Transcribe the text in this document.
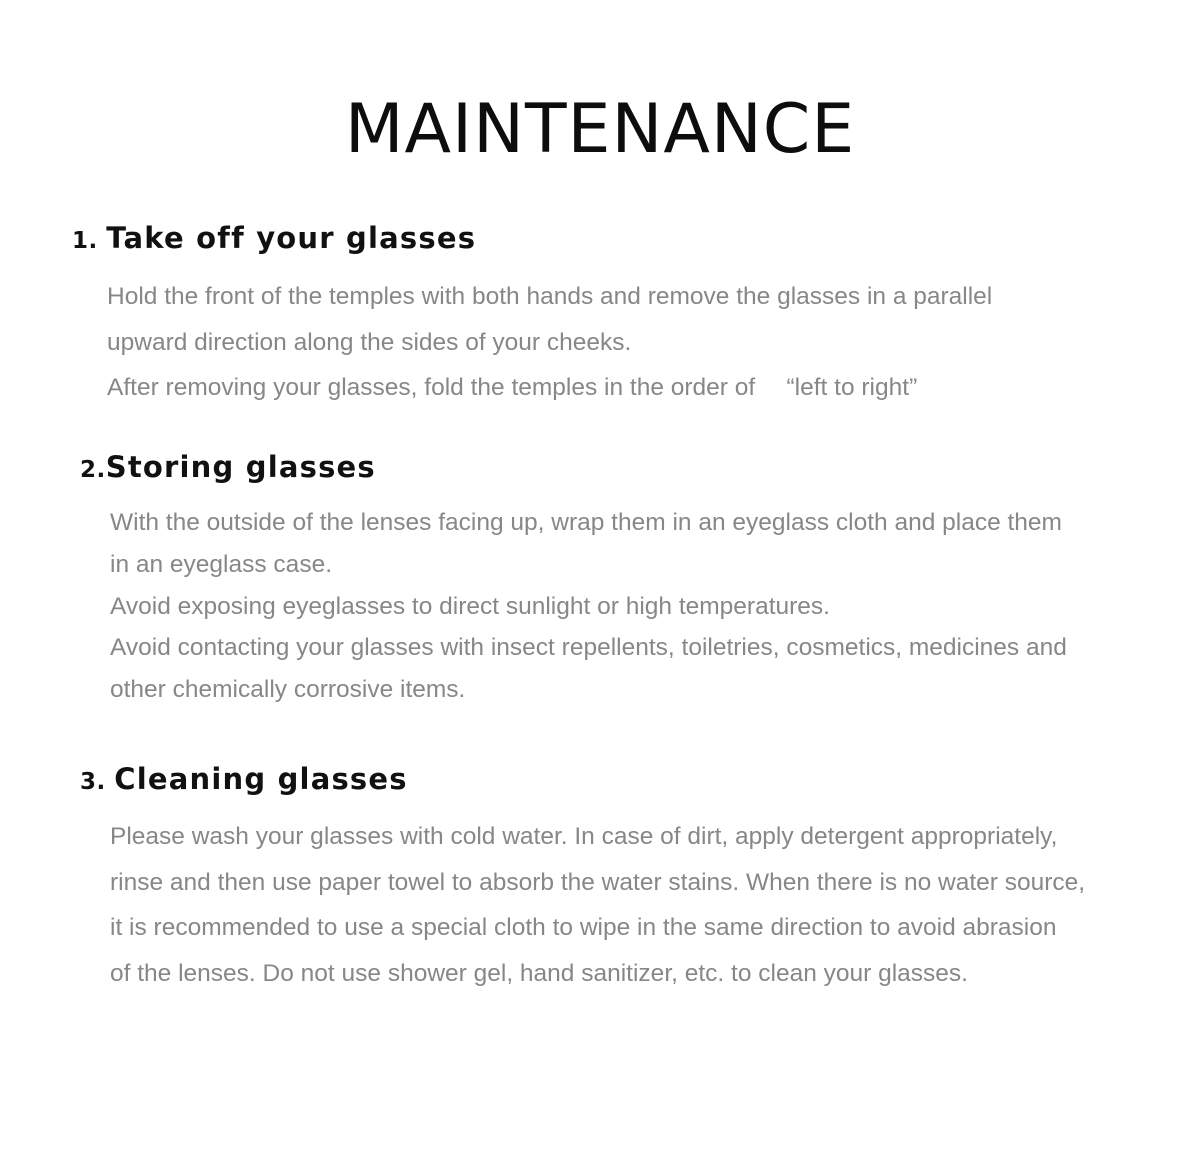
MAINTENANCE
1. Take off your glasses
Hold the front of the temples with both hands and remove the glasses in a parallel
upward direction along the sides of your cheeks.
After removing your glasses, fold the temples in the order of 　“left to right”
2.Storing glasses
With the outside of the lenses facing up, wrap them in an eyeglass cloth and place them
in an eyeglass case.
Avoid exposing eyeglasses to direct sunlight or high temperatures.
Avoid contacting your glasses with insect repellents, toiletries, cosmetics, medicines and
other chemically corrosive items.
3. Cleaning glasses
Please wash your glasses with cold water. In case of dirt, apply detergent appropriately,
rinse and then use paper towel to absorb the water stains. When there is no water source,
it is recommended to use a special cloth to wipe in the same direction to avoid abrasion
of the lenses. Do not use shower gel, hand sanitizer, etc. to clean your glasses.
